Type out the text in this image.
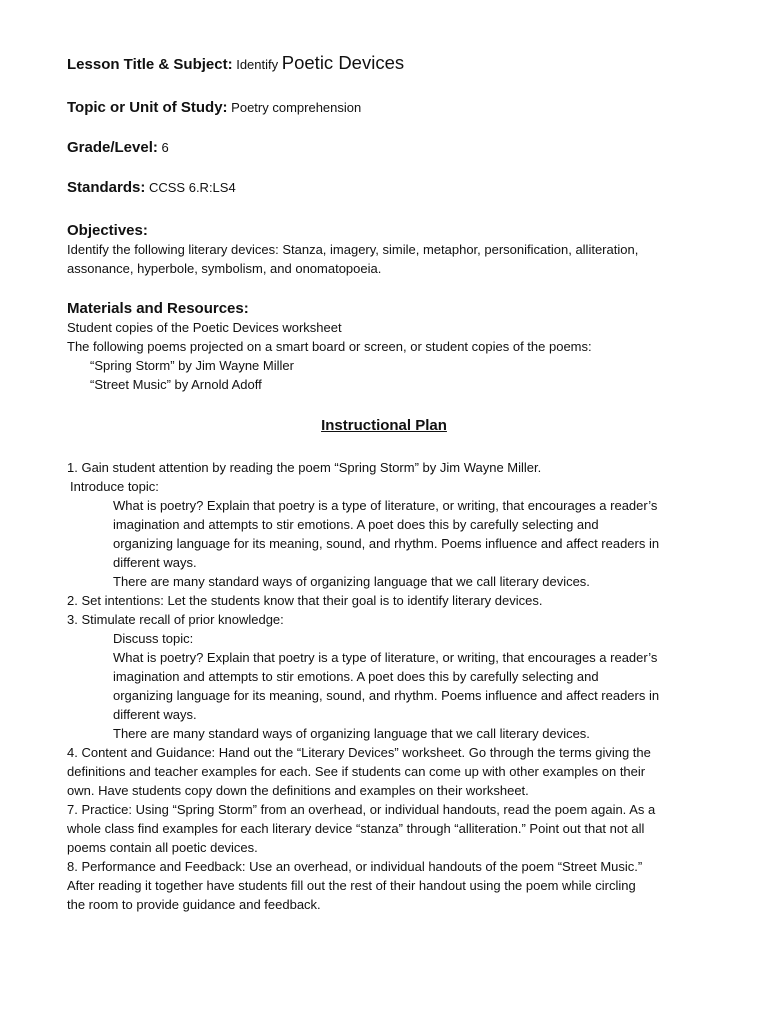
Lesson Title & Subject: Identify Poetic Devices
Topic or Unit of Study: Poetry comprehension
Grade/Level: 6
Standards: CCSS 6.R:LS4
Objectives:
Identify the following literary devices: Stanza, imagery, simile, metaphor, personification, alliteration,
assonance, hyperbole, symbolism, and onomatopoeia.
Materials and Resources:
Student copies of the Poetic Devices worksheet
The following poems projected on a smart board or screen, or student copies of the poems:
“Spring Storm” by Jim Wayne Miller
“Street Music” by Arnold Adoff
Instructional Plan
1. Gain student attention by reading the poem “Spring Storm” by Jim Wayne Miller.
Introduce topic:
What is poetry? Explain that poetry is a type of literature, or writing, that encourages a reader’s
imagination and attempts to stir emotions. A poet does this by carefully selecting and
organizing language for its meaning, sound, and rhythm. Poems influence and affect readers in
different ways.
There are many standard ways of organizing language that we call literary devices.
2. Set intentions: Let the students know that their goal is to identify literary devices.
3. Stimulate recall of prior knowledge:
Discuss topic:
What is poetry? Explain that poetry is a type of literature, or writing, that encourages a reader’s
imagination and attempts to stir emotions. A poet does this by carefully selecting and
organizing language for its meaning, sound, and rhythm. Poems influence and affect readers in
different ways.
There are many standard ways of organizing language that we call literary devices.
4. Content and Guidance: Hand out the “Literary Devices” worksheet. Go through the terms giving the
definitions and teacher examples for each. See if students can come up with other examples on their
own. Have students copy down the definitions and examples on their worksheet.
7. Practice: Using “Spring Storm” from an overhead, or individual handouts, read the poem again. As a
whole class find examples for each literary device “stanza” through “alliteration.” Point out that not all
poems contain all poetic devices.
8. Performance and Feedback: Use an overhead, or individual handouts of the poem “Street Music.”
After reading it together have students fill out the rest of their handout using the poem while circling
the room to provide guidance and feedback.
